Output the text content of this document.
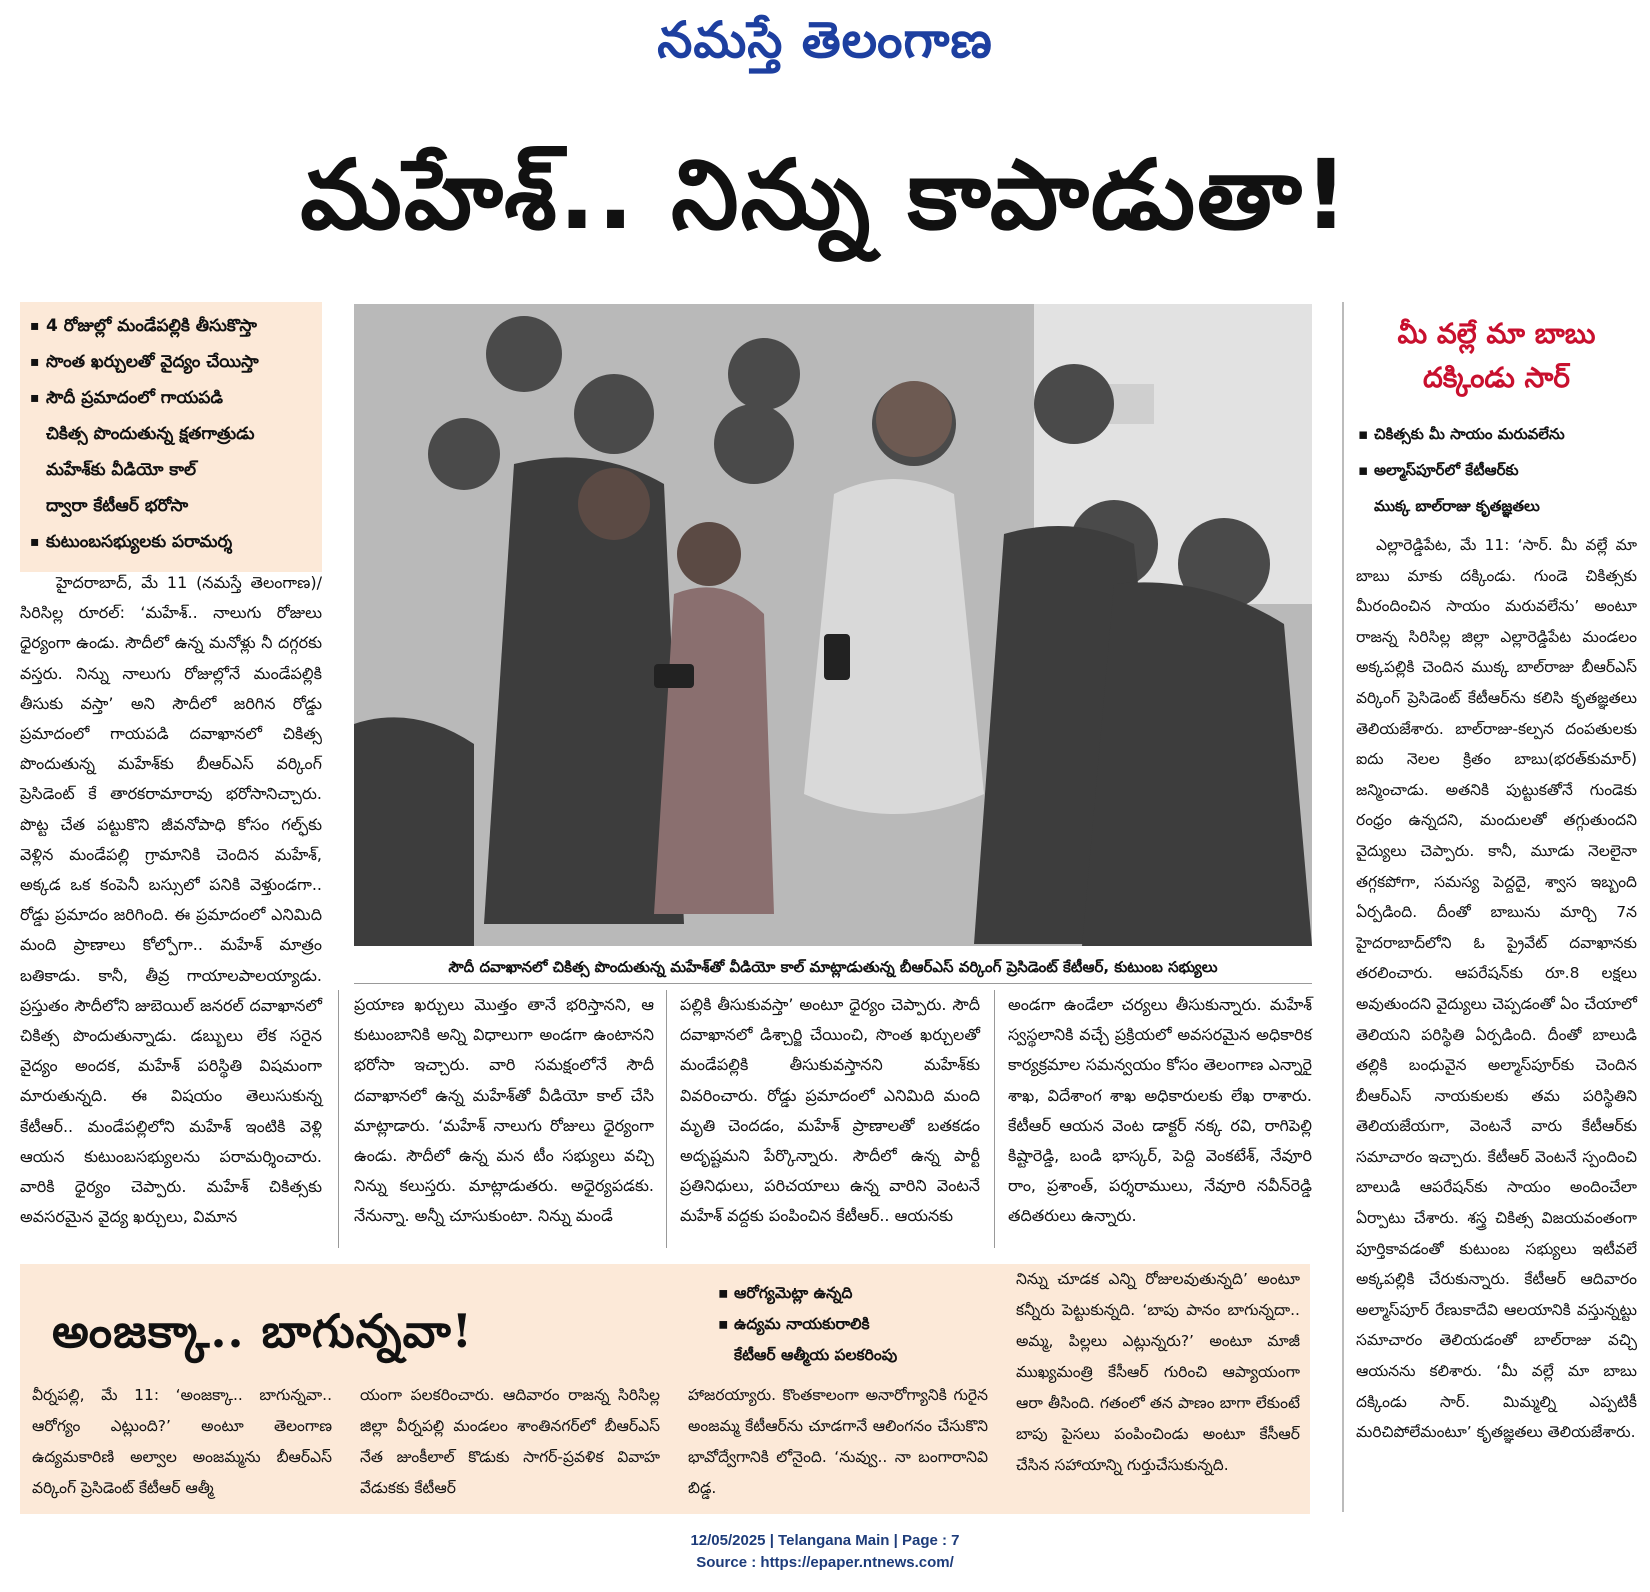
నమస్తే తెలంగాణ
మహేశ్.. నిన్ను కాపాడుతా!
▪ 4 రోజుల్లో మండేపల్లికి తీసుకొస్తా
▪ సొంత ఖర్చులతో వైద్యం చేయిస్తా
▪ సౌదీ ప్రమాదంలో గాయపడి
చికిత్స పొందుతున్న క్షతగాత్రుడు
మహేశ్‌కు వీడియో కాల్
ద్వారా కేటీఆర్ భరోసా
▪ కుటుంబసభ్యులకు పరామర్శ
సౌదీ దవాఖానలో చికిత్స పొందుతున్న మహేశ్‌తో వీడియో కాల్ మాట్లాడుతున్న బీఆర్ఎస్ వర్కింగ్ ప్రెసిడెంట్ కేటీఆర్, కుటుంబ సభ్యులు

హైదరాబాద్, మే 11 (నమస్తే తెలంగాణ)/సిరిసిల్ల రూరల్: ‘మహేశ్.. నాలుగు రోజులు ధైర్యంగా ఉండు. సౌదీలో ఉన్న మనోళ్లు నీ దగ్గరకు వస్తరు. నిన్ను నాలుగు రోజుల్లోనే మండేపల్లికి తీసుకు వస్తా’ అని సౌదీలో జరిగిన రోడ్డు ప్రమాదంలో గాయపడి దవాఖానలో చికిత్స పొందుతున్న మహేశ్‌కు బీఆర్ఎస్ వర్కింగ్ ప్రెసిడెంట్ కే తారకరామారావు భరోసానిచ్చారు. పొట్ట చేత పట్టుకొని జీవనోపాధి కోసం గల్ఫ్‌కు వెళ్లిన మండేపల్లి గ్రామానికి చెందిన మహేశ్, అక్కడ ఒక కంపెనీ బస్సులో పనికి వెళ్తుండగా.. రోడ్డు ప్రమాదం జరిగింది. ఈ ప్రమాదంలో ఎనిమిది మంది ప్రాణాలు కోల్పోగా.. మహేశ్ మాత్రం బతికాడు. కానీ, తీవ్ర గాయాలపాలయ్యాడు. ప్రస్తుతం సౌదీలోని జుబెయిల్ జనరల్ దవాఖానలో చికిత్స పొందుతున్నాడు. డబ్బులు లేక సరైన వైద్యం అందక, మహేశ్ పరిస్థితి విషమంగా మారుతున్నది. ఈ విషయం తెలుసుకున్న కేటీఆర్.. మండేపల్లిలోని మహేశ్ ఇంటికి వెళ్లి ఆయన కుటుంబసభ్యులను పరామర్శించారు. వారికి ధైర్యం చెప్పారు. మహేశ్ చికిత్సకు అవసరమైన వైద్య ఖర్చులు, విమాన

ప్రయాణ ఖర్చులు మొత్తం తానే భరిస్తానని, ఆ కుటుంబానికి అన్ని విధాలుగా అండగా ఉంటానని భరోసా ఇచ్చారు. వారి సమక్షంలోనే సౌదీ దవాఖానలో ఉన్న మహేశ్‌తో వీడియో కాల్ చేసి మాట్లాడారు. ‘మహేశ్ నాలుగు రోజులు ధైర్యంగా ఉండు. సౌదీలో ఉన్న మన టీం సభ్యులు వచ్చి నిన్ను కలుస్తరు. మాట్లాడుతరు. అధైర్యపడకు. నేనున్నా. అన్నీ చూసుకుంటా. నిన్ను మండే

పల్లికి తీసుకువస్తా’ అంటూ ధైర్యం చెప్పారు. సౌదీ దవాఖానలో డిశ్చార్జి చేయించి, సొంత ఖర్చులతో మండేపల్లికి తీసుకువస్తానని మహేశ్‌కు వివరించారు. రోడ్డు ప్రమాదంలో ఎనిమిది మంది మృతి చెందడం, మహేశ్ ప్రాణాలతో బతకడం అదృష్టమని పేర్కొన్నారు. సౌదీలో ఉన్న పార్టీ ప్రతినిధులు, పరిచయాలు ఉన్న వారిని వెంటనే మహేశ్ వద్దకు పంపించిన కేటీఆర్.. ఆయనకు

అండగా ఉండేలా చర్యలు తీసుకున్నారు. మహేశ్ స్వస్థలానికి వచ్చే ప్రక్రియలో అవసరమైన అధికారిక కార్యక్రమాల సమన్వయం కోసం తెలంగాణ ఎన్నారై శాఖ, విదేశాంగ శాఖ అధికారులకు లేఖ రాశారు. కేటీఆర్ ఆయన వెంట డాక్టర్ నక్క రవి, రాగిపెల్లి కిష్టారెడ్డి, బండి భాస్కర్, పెద్ది వెంకటేశ్, నేవూరి రాం, ప్రశాంత్, పర్శరాములు, నేవూరి నవీన్‌రెడ్డి తదితరులు ఉన్నారు.

మీ వల్లే మా బాబు
దక్కిండు సార్
▪ చికిత్సకు మీ సాయం మరువలేను
▪ అల్మాస్‌పూర్‌లో కేటీఆర్‌కు
ముక్క బాల్‌రాజు కృతజ్ఞతలు

ఎల్లారెడ్డిపేట, మే 11: ‘సార్. మీ వల్లే మా బాబు మాకు దక్కిండు. గుండె చికిత్సకు మీరందించిన సాయం మరువలేను’ అంటూ రాజన్న సిరిసిల్ల జిల్లా ఎల్లారెడ్డిపేట మండలం అక్కపల్లికి చెందిన ముక్క బాల్‌రాజు బీఆర్ఎస్ వర్కింగ్ ప్రెసిడెంట్ కేటీఆర్‌ను కలిసి కృతజ్ఞతలు తెలియజేశారు. బాల్‌రాజు-కల్పన దంపతులకు ఐదు నెలల క్రితం బాబు(భరత్‌కుమార్) జన్మించాడు. అతనికి పుట్టుకతోనే గుండెకు రంధ్రం ఉన్నదని, మందులతో తగ్గుతుందని వైద్యులు చెప్పారు. కానీ, మూడు నెలలైనా తగ్గకపోగా, సమస్య పెద్దదై, శ్వాస ఇబ్బంది ఏర్పడింది. దీంతో బాబును మార్చి 7న హైదరాబాద్‌లోని ఓ ప్రైవేట్ దవాఖానకు తరలించారు. ఆపరేషన్‌కు రూ.8 లక్షలు అవుతుందని వైద్యులు చెప్పడంతో ఏం చేయాలో తెలియని పరిస్థితి ఏర్పడింది. దీంతో బాలుడి తల్లికి బంధువైన అల్మాస్‌పూర్‌కు చెందిన బీఆర్ఎస్ నాయకులకు తమ పరిస్థితిని తెలియజేయగా, వెంటనే వారు కేటీఆర్‌కు సమాచారం ఇచ్చారు. కేటీఆర్ వెంటనే స్పందించి బాలుడి ఆపరేషన్‌కు సాయం అందించేలా ఏర్పాటు చేశారు. శస్త్ర చికిత్స విజయవంతంగా పూర్తికావడంతో కుటుంబ సభ్యులు ఇటీవలే అక్కపల్లికి చేరుకున్నారు. కేటీఆర్ ఆదివారం అల్మాస్‌పూర్ రేణుకాదేవి ఆలయానికి వస్తున్నట్టు సమాచారం తెలియడంతో బాల్‌రాజు వచ్చి ఆయనను కలిశారు. ‘మీ వల్లే మా బాబు దక్కిండు సార్. మిమ్మల్ని ఎప్పటికీ మరిచిపోలేమంటూ’ కృతజ్ఞతలు తెలియజేశారు.

అంజక్కా.. బాగున్నవా!
▪ ఆరోగ్యమెట్లా ఉన్నది
▪ ఉద్యమ నాయకురాలికి
కేటీఆర్ ఆత్మీయ పలకరింపు
వీర్నపల్లి, మే 11: ‘అంజక్కా.. బాగున్నవా.. ఆరోగ్యం ఎట్లుంది?’ అంటూ తెలంగాణ ఉద్యమకారిణి అల్వాల అంజమ్మను బీఆర్ఎస్ వర్కింగ్ ప్రెసిడెంట్ కేటీఆర్ ఆత్మీ
యంగా పలకరించారు. ఆదివారం రాజన్న సిరిసిల్ల జిల్లా వీర్నపల్లి మండలం శాంతినగర్‌లో బీఆర్ఎస్ నేత జుంకీలాల్ కొడుకు సాగర్-ప్రవళిక వివాహ వేడుకకు కేటీఆర్
హాజరయ్యారు. కొంతకాలంగా అనారోగ్యానికి గురైన అంజమ్మ కేటీఆర్‌ను చూడగానే ఆలింగనం చేసుకొని భావోద్వేగానికి లోనైంది. ‘నువ్వు.. నా బంగారానివి బిడ్డ.
నిన్ను చూడక ఎన్ని రోజులవుతున్నది’ అంటూ కన్నీరు పెట్టుకున్నది. ‘బాపు పానం బాగున్నదా.. అమ్మ, పిల్లలు ఎట్లున్నరు?’ అంటూ మాజీ ముఖ్యమంత్రి కేసీఆర్ గురించి ఆప్యాయంగా ఆరా తీసింది. గతంలో తన పాణం బాగా లేకుంటే బాపు పైసలు పంపించిండు అంటూ కేసీఆర్ చేసిన సహాయాన్ని గుర్తుచేసుకున్నది.
12/05/2025 | Telangana Main | Page : 7
Source : https://epaper.ntnews.com/
